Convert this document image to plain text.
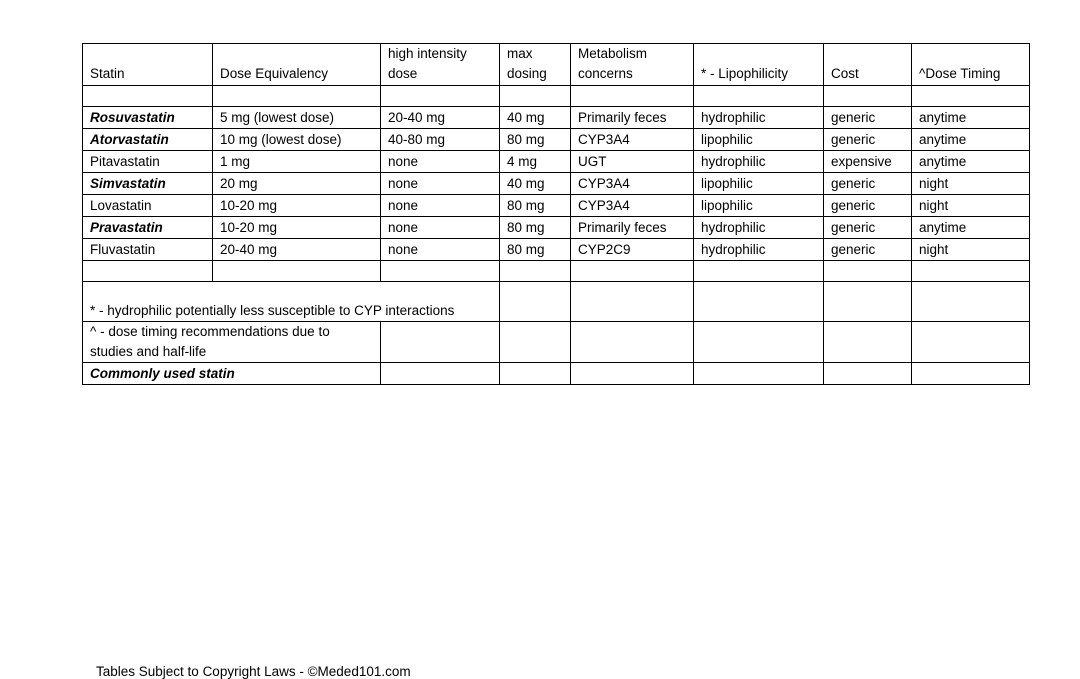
Statin	Dose Equivalency	high intensity dose	max dosing	Metabolism concerns	* - Lipophilicity	Cost	^Dose Timing

Rosuvastatin	5 mg (lowest dose)	20-40 mg	40 mg	Primarily feces	hydrophilic	generic	anytime
Atorvastatin	10 mg (lowest dose)	40-80 mg	80 mg	CYP3A4	lipophilic	generic	anytime
Pitavastatin	1 mg	none	4 mg	UGT	hydrophilic	expensive	anytime
Simvastatin	20 mg	none	40 mg	CYP3A4	lipophilic	generic	night
Lovastatin	10-20 mg	none	80 mg	CYP3A4	lipophilic	generic	night
Pravastatin	10-20 mg	none	80 mg	Primarily feces	hydrophilic	generic	anytime
Fluvastatin	20-40 mg	none	80 mg	CYP2C9	hydrophilic	generic	night

* - hydrophilic potentially less susceptible to CYP interactions							
^ - dose timing recommendations due to studies and half-life							
Commonly used statin							
Tables Subject to Copyright Laws - ©Meded101.com
